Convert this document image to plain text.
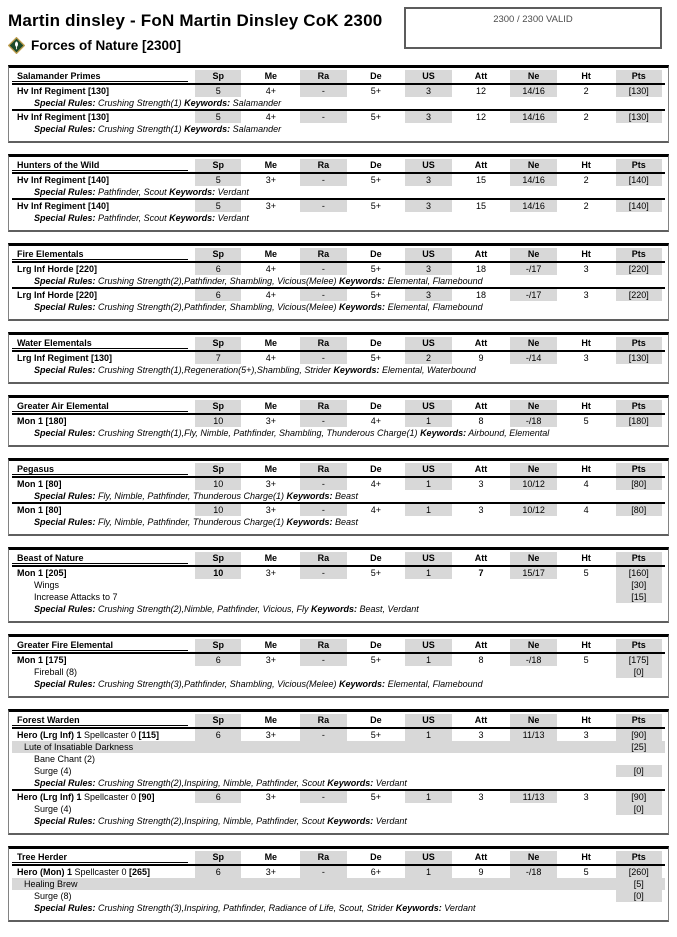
Martin dinsley - FoN Martin Dinsley CoK 2300	2300 / 2300 VALID
Forces of Nature [2300]
Salamander Primes	Sp	Me	Ra	De	US	Att	Ne	Ht	Pts
Hv Inf Regiment [130]	5	4+	-	5+	3	12	14/16	2	[130]
Special Rules: Crushing Strength(1) Keywords: Salamander
Hv Inf Regiment [130]	5	4+	-	5+	3	12	14/16	2	[130]
Special Rules: Crushing Strength(1) Keywords: Salamander
Hunters of the Wild	Sp	Me	Ra	De	US	Att	Ne	Ht	Pts
Hv Inf Regiment [140]	5	3+	-	5+	3	15	14/16	2	[140]
Special Rules: Pathfinder, Scout Keywords: Verdant
Hv Inf Regiment [140]	5	3+	-	5+	3	15	14/16	2	[140]
Special Rules: Pathfinder, Scout Keywords: Verdant
Fire Elementals	Sp	Me	Ra	De	US	Att	Ne	Ht	Pts
Lrg Inf Horde [220]	6	4+	-	5+	3	18	-/17	3	[220]
Special Rules: Crushing Strength(2),Pathfinder, Shambling, Vicious(Melee) Keywords: Elemental, Flamebound
Lrg Inf Horde [220]	6	4+	-	5+	3	18	-/17	3	[220]
Special Rules: Crushing Strength(2),Pathfinder, Shambling, Vicious(Melee) Keywords: Elemental, Flamebound
Water Elementals	Sp	Me	Ra	De	US	Att	Ne	Ht	Pts
Lrg Inf Regiment [130]	7	4+	-	5+	2	9	-/14	3	[130]
Special Rules: Crushing Strength(1),Regeneration(5+),Shambling, Strider Keywords: Elemental, Waterbound
Greater Air Elemental	Sp	Me	Ra	De	US	Att	Ne	Ht	Pts
Mon 1 [180]	10	3+	-	4+	1	8	-/18	5	[180]
Special Rules: Crushing Strength(1),Fly, Nimble, Pathfinder, Shambling, Thunderous Charge(1) Keywords: Airbound, Elemental
Pegasus	Sp	Me	Ra	De	US	Att	Ne	Ht	Pts
Mon 1 [80]	10	3+	-	4+	1	3	10/12	4	[80]
Special Rules: Fly, Nimble, Pathfinder, Thunderous Charge(1) Keywords: Beast
Mon 1 [80]	10	3+	-	4+	1	3	10/12	4	[80]
Special Rules: Fly, Nimble, Pathfinder, Thunderous Charge(1) Keywords: Beast
Beast of Nature	Sp	Me	Ra	De	US	Att	Ne	Ht	Pts
Mon 1 [205]	10	3+	-	5+	1	7	15/17	5	[160]
Wings	[30]
Increase Attacks to 7	[15]
Special Rules: Crushing Strength(2),Nimble, Pathfinder, Vicious, Fly Keywords: Beast, Verdant
Greater Fire Elemental	Sp	Me	Ra	De	US	Att	Ne	Ht	Pts
Mon 1 [175]	6	3+	-	5+	1	8	-/18	5	[175]
Fireball (8)	[0]
Special Rules: Crushing Strength(3),Pathfinder, Shambling, Vicious(Melee) Keywords: Elemental, Flamebound
Forest Warden	Sp	Me	Ra	De	US	Att	Ne	Ht	Pts
Hero (Lrg Inf) 1 Spellcaster 0 [115]	6	3+	-	5+	1	3	11/13	3	[90]
Lute of Insatiable Darkness	[25]
Bane Chant (2)
Surge (4)	[0]
Special Rules: Crushing Strength(2),Inspiring, Nimble, Pathfinder, Scout Keywords: Verdant
Hero (Lrg Inf) 1 Spellcaster 0 [90]	6	3+	-	5+	1	3	11/13	3	[90]
Surge (4)	[0]
Special Rules: Crushing Strength(2),Inspiring, Nimble, Pathfinder, Scout Keywords: Verdant
Tree Herder	Sp	Me	Ra	De	US	Att	Ne	Ht	Pts
Hero (Mon) 1 Spellcaster 0 [265]	6	3+	-	6+	1	9	-/18	5	[260]
Healing Brew	[5]
Surge (8)	[0]
Special Rules: Crushing Strength(3),Inspiring, Pathfinder, Radiance of Life, Scout, Strider Keywords: Verdant
